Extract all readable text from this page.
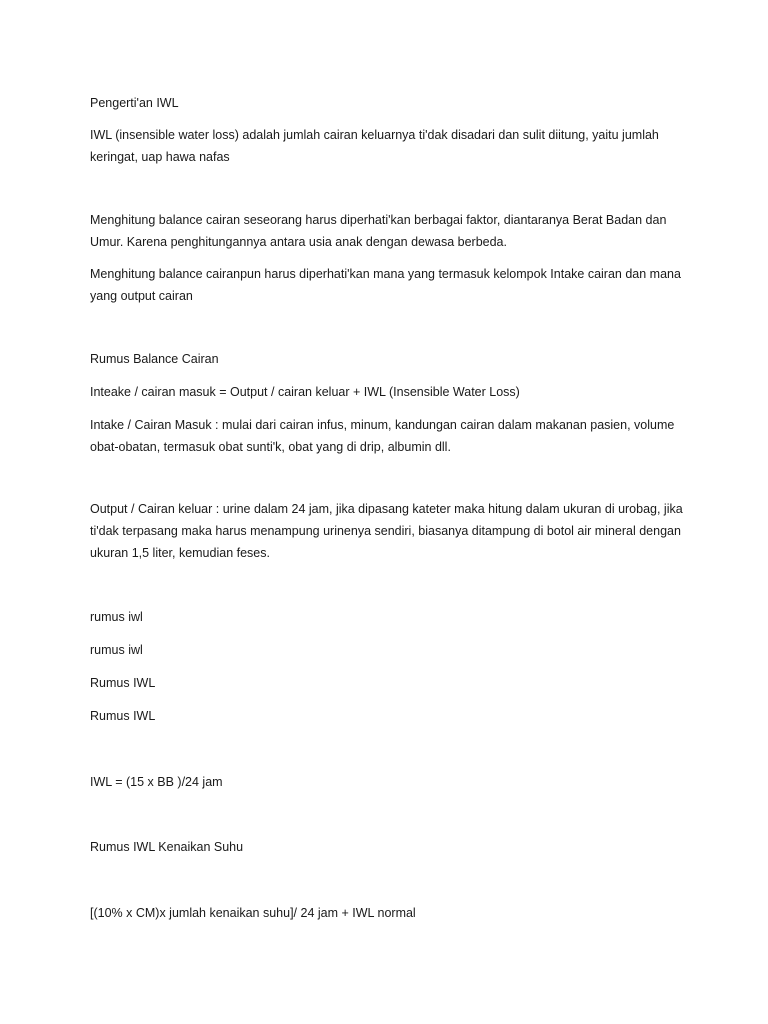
Pengerti'an IWL

IWL (insensible water loss) adalah jumlah cairan keluarnya ti'dak disadari dan sulit diitung, yaitu jumlah keringat, uap hawa nafas

Menghitung balance cairan seseorang harus diperhati'kan berbagai faktor, diantaranya Berat Badan dan Umur. Karena penghitungannya antara usia anak dengan dewasa berbeda.

Menghitung balance cairanpun harus diperhati'kan mana yang termasuk kelompok Intake cairan dan mana yang output cairan

Rumus Balance Cairan

Inteake / cairan masuk = Output / cairan keluar + IWL (Insensible Water Loss)

Intake / Cairan Masuk : mulai dari cairan infus, minum, kandungan cairan dalam makanan pasien, volume obat-obatan, termasuk obat sunti'k, obat yang di drip, albumin dll.

Output / Cairan keluar : urine dalam 24 jam, jika dipasang kateter maka hitung dalam ukuran di urobag, jika ti'dak terpasang maka harus menampung urinenya sendiri, biasanya ditampung di botol air mineral dengan ukuran 1,5 liter, kemudian feses.

rumus iwl

rumus iwl

Rumus IWL

Rumus IWL

IWL = (15 x BB )/24 jam

Rumus IWL Kenaikan Suhu

[(10% x CM)x jumlah kenaikan suhu]/ 24 jam + IWL normal
